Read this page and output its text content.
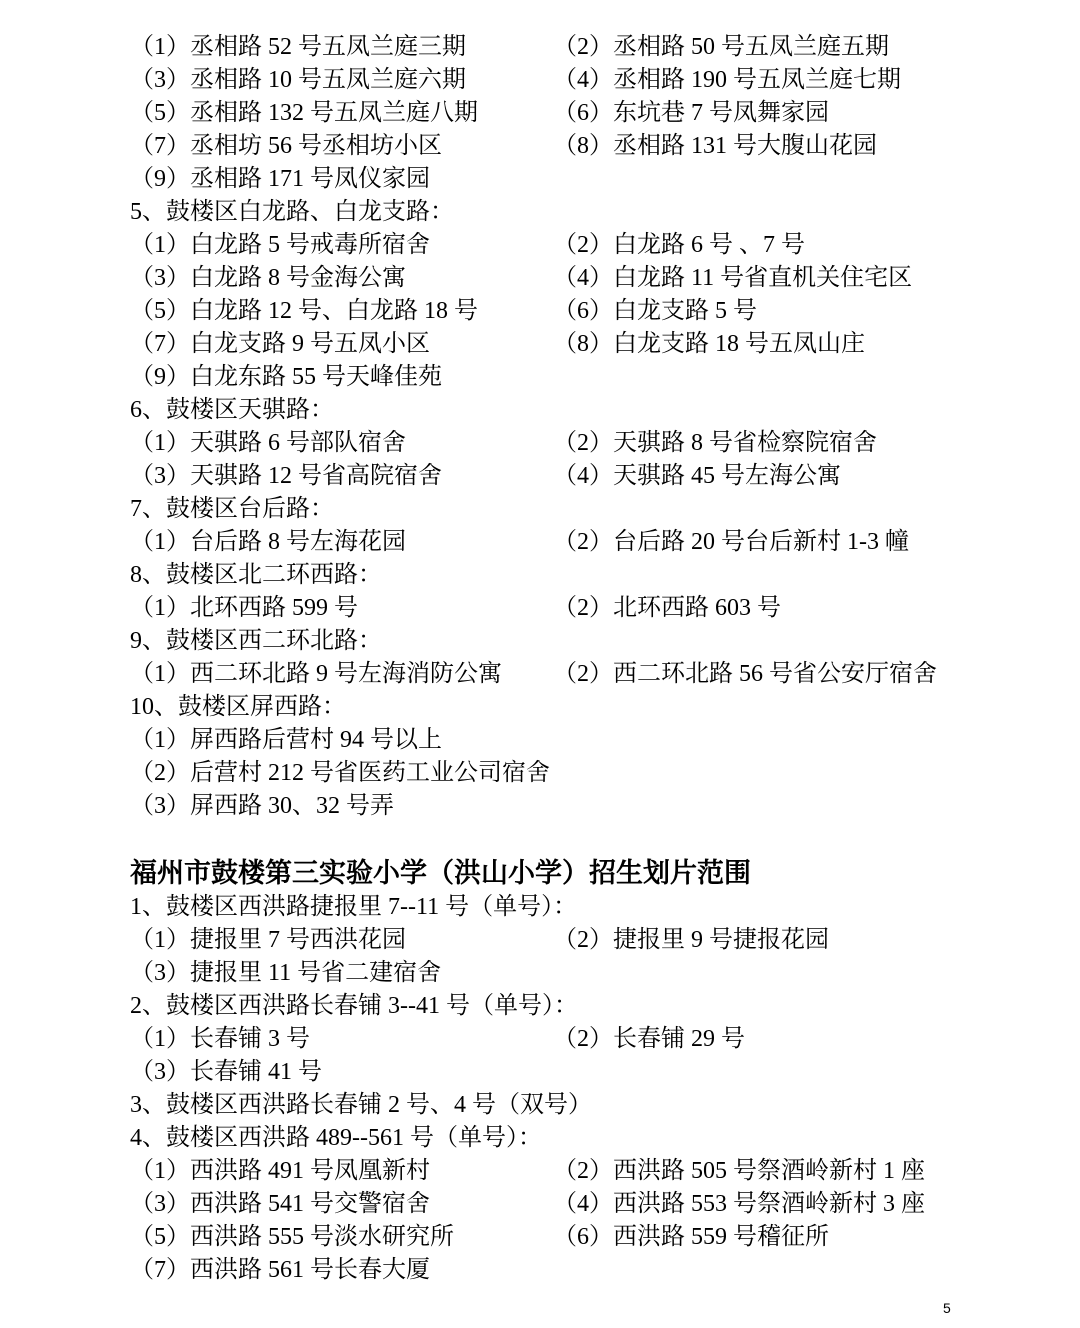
（1）丞相路 52 号五凤兰庭三期	（2）丞相路 50 号五凤兰庭五期
（3）丞相路 10 号五凤兰庭六期	（4）丞相路 190 号五凤兰庭七期
（5）丞相路 132 号五凤兰庭八期	（6）东坑巷 7 号凤舞家园
（7）丞相坊 56 号丞相坊小区	（8）丞相路 131 号大腹山花园
（9）丞相路 171 号凤仪家园
5、鼓楼区白龙路、白龙支路：
（1）白龙路 5 号戒毒所宿舍	（2）白龙路 6 号 、7 号
（3）白龙路 8 号金海公寓	（4）白龙路 11 号省直机关住宅区
（5）白龙路 12 号、白龙路 18 号	（6）白龙支路 5 号
（7）白龙支路 9 号五凤小区	（8）白龙支路 18 号五凤山庄
（9）白龙东路 55 号天峰佳苑
6、鼓楼区天骐路：
（1）天骐路 6 号部队宿舍	（2）天骐路 8 号省检察院宿舍
（3）天骐路 12 号省高院宿舍	（4）天骐路 45 号左海公寓
7、鼓楼区台后路：
（1）台后路 8 号左海花园	（2）台后路 20 号台后新村 1-3 幢
8、鼓楼区北二环西路：
（1）北环西路 599 号	（2）北环西路 603 号
9、鼓楼区西二环北路：
（1）西二环北路 9 号左海消防公寓 （2）西二环北路 56 号省公安厅宿舍
10、鼓楼区屏西路：
（1）屏西路后营村 94 号以上
（2）后营村 212 号省医药工业公司宿舍
（3）屏西路 30、32 号弄
福州市鼓楼第三实验小学（洪山小学）招生划片范围
1、鼓楼区西洪路捷报里 7--11 号（单号）：
（1）捷报里 7 号西洪花园	（2）捷报里 9 号捷报花园
（3）捷报里 11 号省二建宿舍
2、鼓楼区西洪路长春铺 3--41 号（单号）：
（1）长春铺 3 号	（2）长春铺 29 号
（3）长春铺 41 号
3、鼓楼区西洪路长春铺 2 号、4 号（双号）
4、鼓楼区西洪路 489--561 号（单号）：
（1）西洪路 491 号凤凰新村	（2）西洪路 505 号祭酒岭新村 1 座
（3）西洪路 541 号交警宿舍	（4）西洪路 553 号祭酒岭新村 3 座
（5）西洪路 555 号淡水研究所	（6）西洪路 559 号稽征所
（7）西洪路 561 号长春大厦
5
